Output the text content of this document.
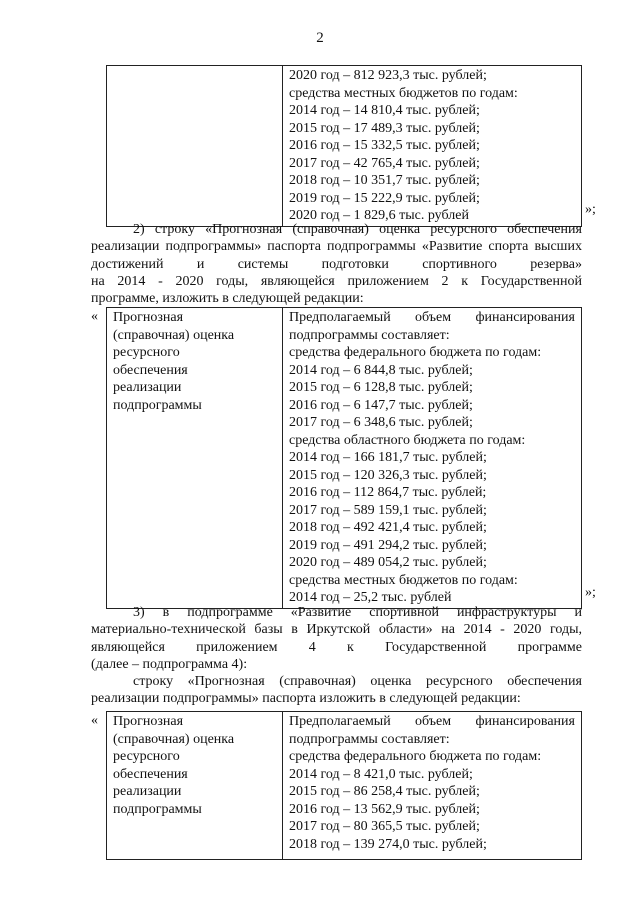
2

2020 год – 812 923,3 тыс. рублей;
средства местных бюджетов по годам:
2014 год – 14 810,4 тыс. рублей;
2015 год – 17 489,3 тыс. рублей;
2016 год – 15 332,5 тыс. рублей;
2017 год – 42 765,4 тыс. рублей;
2018 год – 10 351,7 тыс. рублей;
2019 год – 15 222,9 тыс. рублей;
2020 год – 1 829,6 тыс. рублей	»;
2) строку «Прогнозная (справочная) оценка ресурсного обеспечения
реализации подпрограммы» паспорта подпрограммы «Развитие спорта высших
достижений и системы подготовки спортивного резерва»
на 2014 - 2020 годы, являющейся приложением 2 к Государственной
программе, изложить в следующей редакции:
« Прогнозная
(справочная) оценка
ресурсного
обеспечения
реализации
подпрограммы

Предполагаемый объем финансирования
подпрограммы составляет:
средства федерального бюджета по годам:
2014 год – 6 844,8 тыс. рублей;
2015 год – 6 128,8 тыс. рублей;
2016 год – 6 147,7 тыс. рублей;
2017 год – 6 348,6 тыс. рублей;
средства областного бюджета по годам:
2014 год – 166 181,7 тыс. рублей;
2015 год – 120 326,3 тыс. рублей;
2016 год – 112 864,7 тыс. рублей;
2017 год – 589 159,1 тыс. рублей;
2018 год – 492 421,4 тыс. рублей;
2019 год – 491 294,2 тыс. рублей;
2020 год – 489 054,2 тыс. рублей;
средства местных бюджетов по годам:
2014 год – 25,2 тыс. рублей	»;
3) в подпрограмме «Развитие спортивной инфраструктуры и
материально-технической базы в Иркутской области» на 2014 - 2020 годы,
являющейся приложением 4 к Государственной программе
(далее – подпрограмма 4):
строку «Прогнозная (справочная) оценка ресурсного обеспечения
реализации подпрограммы» паспорта изложить в следующей редакции:
« Прогнозная
(справочная) оценка
ресурсного
обеспечения
реализации
подпрограммы

Предполагаемый объем финансирования
подпрограммы составляет:
средства федерального бюджета по годам:
2014 год – 8 421,0 тыс. рублей;
2015 год – 86 258,4 тыс. рублей;
2016 год – 13 562,9 тыс. рублей;
2017 год – 80 365,5 тыс. рублей;
2018 год – 139 274,0 тыс. рублей;
